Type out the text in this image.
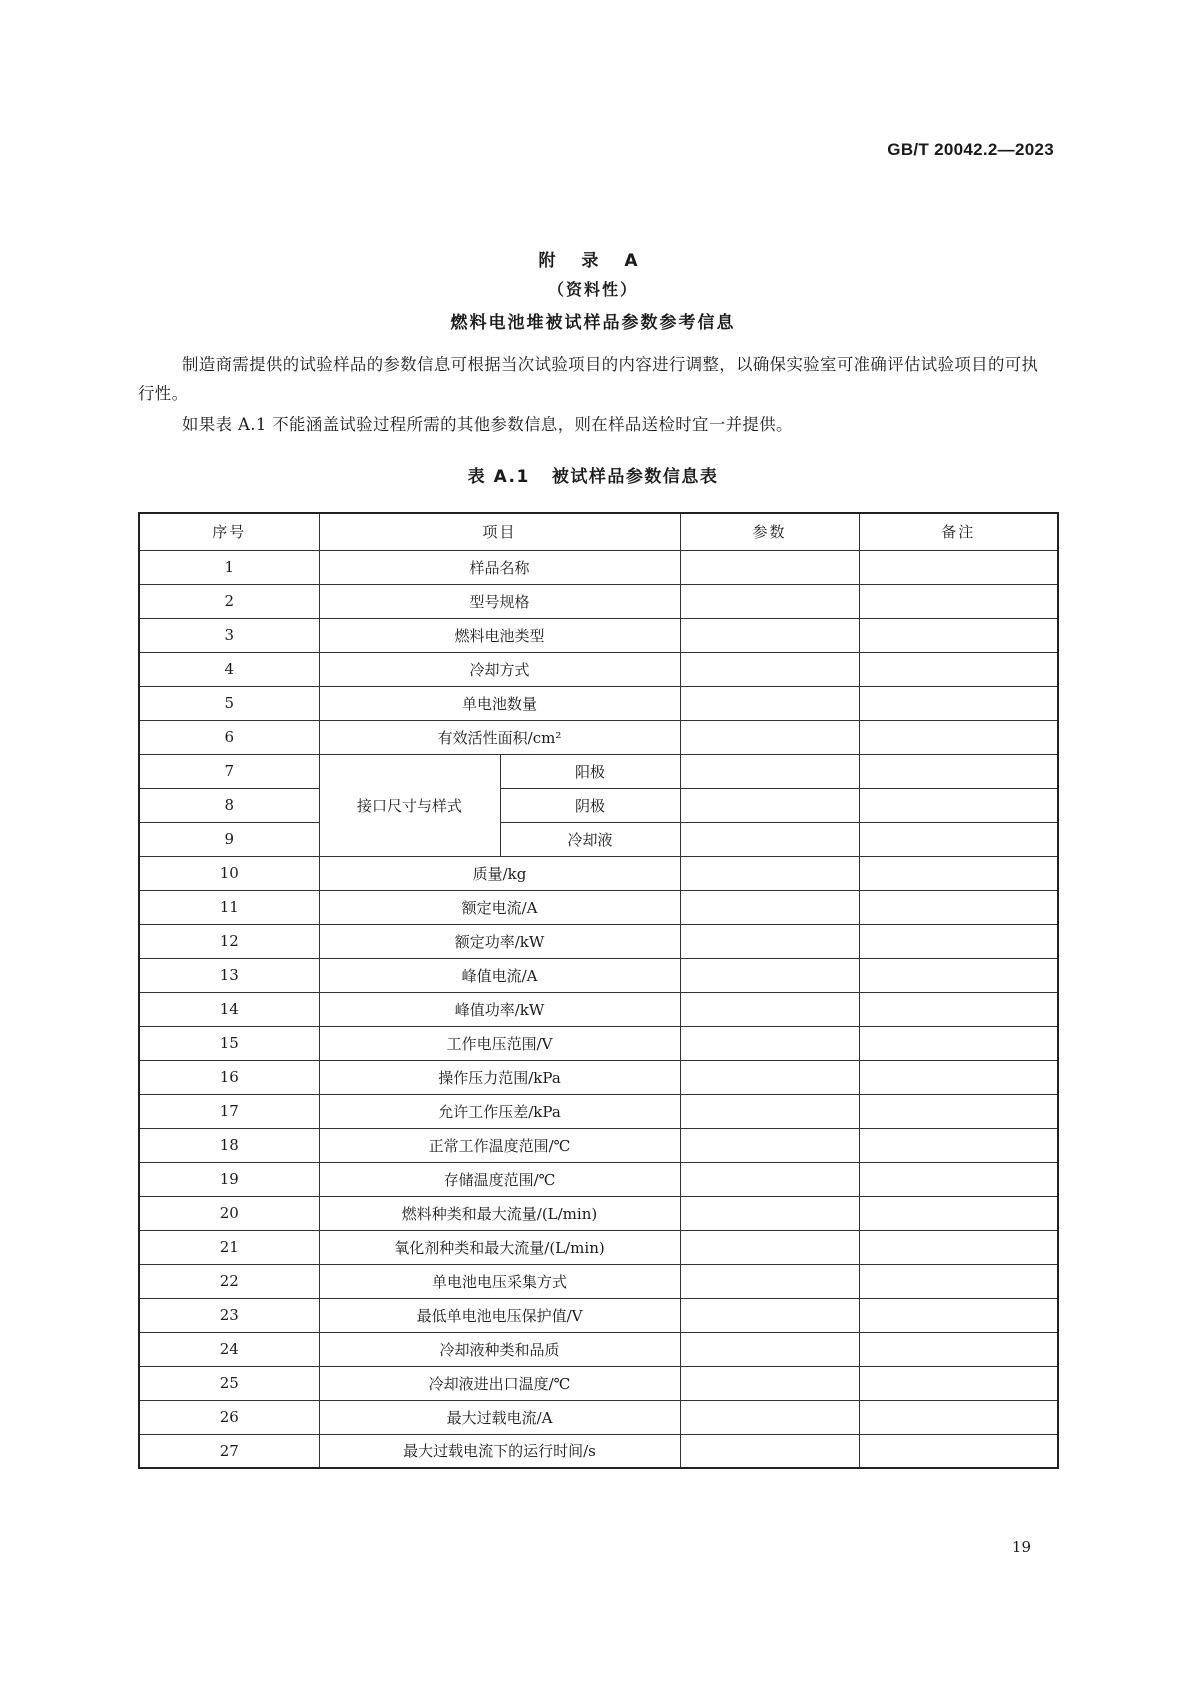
GB/T 20042.2—2023
附 录 A
（资料性）
燃料电池堆被试样品参数参考信息
制造商需提供的试验样品的参数信息可根据当次试验项目的内容进行调整，以确保实验室可准确评估试验项目的可执行性。
如果表 A.1 不能涵盖试验过程所需的其他参数信息，则在样品送检时宜一并提供。
表 A.1 被试样品参数信息表
序号	项目		参数	备注
1	样品名称			
2	型号规格			
3	燃料电池类型			
4	冷却方式			
5	单电池数量			
6	有效活性面积/cm²			
7	接口尺寸与样式	阳极		
8		阴极		
9		冷却液		
10	质量/kg			
11	额定电流/A			
12	额定功率/kW			
13	峰值电流/A			
14	峰值功率/kW			
15	工作电压范围/V			
16	操作压力范围/kPa			
17	允许工作压差/kPa			
18	正常工作温度范围/℃			
19	存储温度范围/℃			
20	燃料种类和最大流量/(L/min)			
21	氧化剂种类和最大流量/(L/min)			
22	单电池电压采集方式			
23	最低单电池电压保护值/V			
24	冷却液种类和品质			
25	冷却液进出口温度/℃			
26	最大过载电流/A			
27	最大过载电流下的运行时间/s			
19
